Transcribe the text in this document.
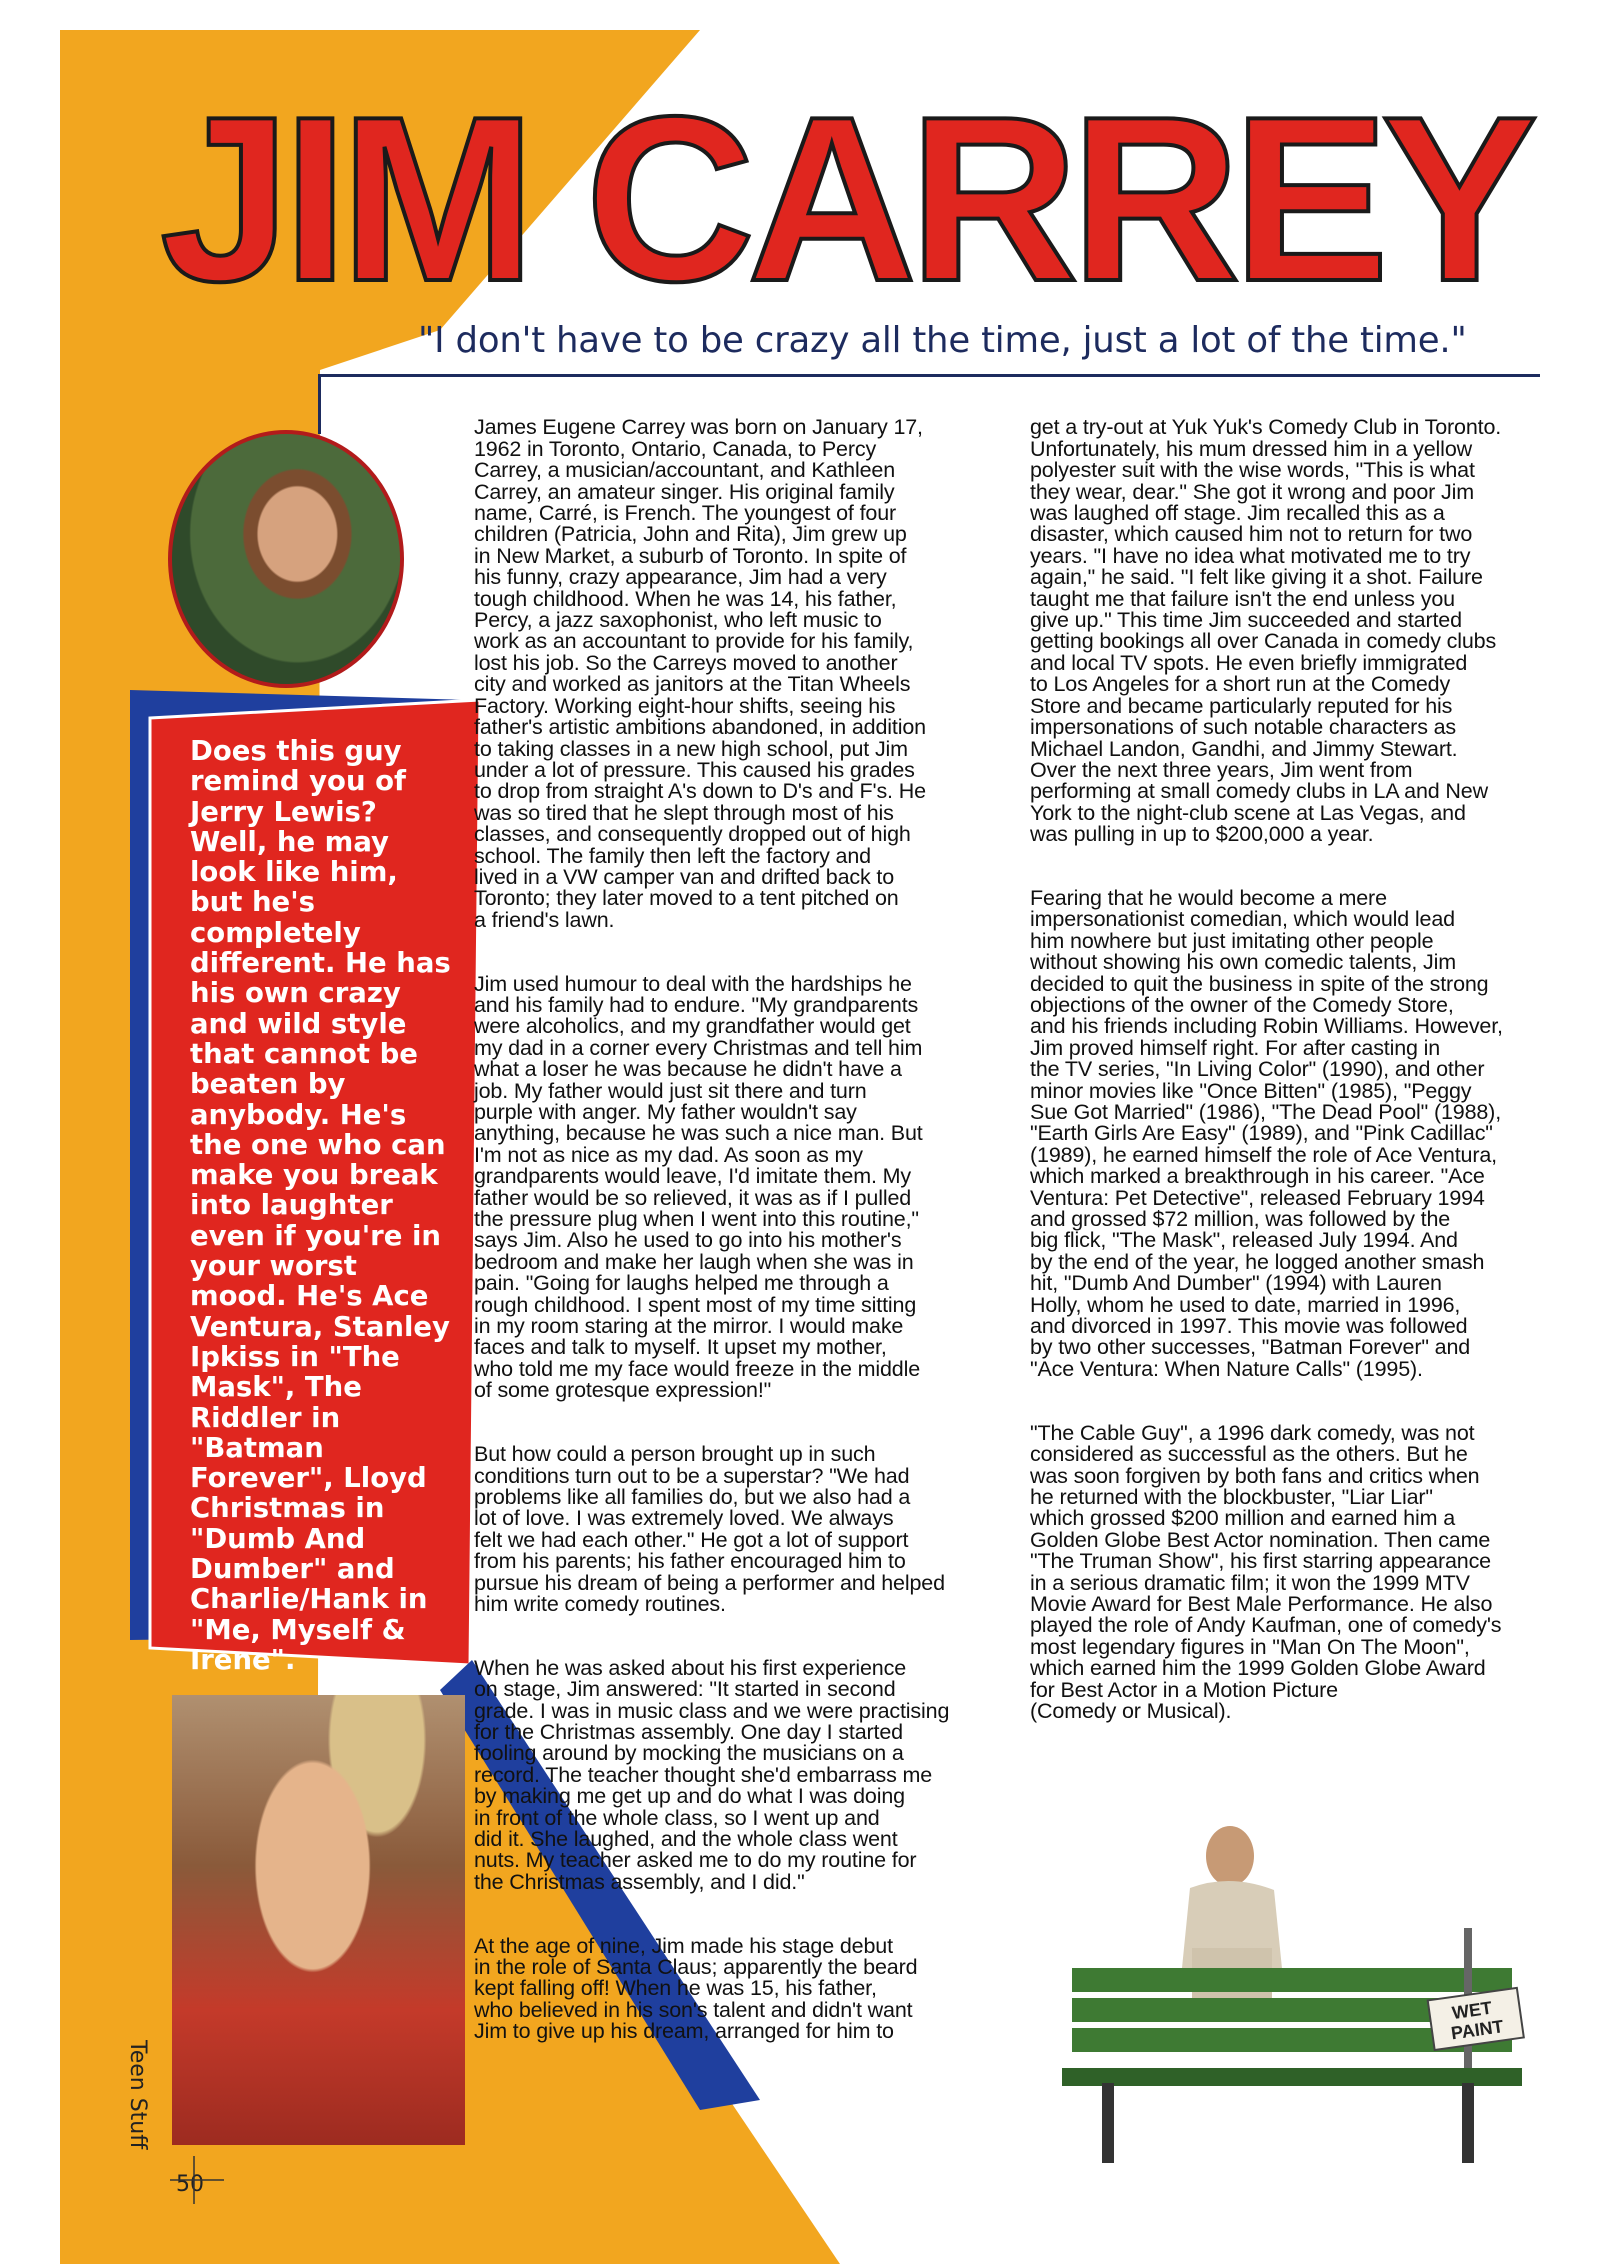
JIM CARREY
"I don't have to be crazy all the time, just a lot of the time."
Does this guy
remind you of
Jerry Lewis?
Well, he may
look like him,
but he's
completely
different. He has
his own crazy
and wild style
that cannot be
beaten by
anybody. He's
the one who can
make you break
into laughter
even if you're in
your worst
mood. He's Ace
Ventura, Stanley
Ipkiss in "The
Mask", The
Riddler in
"Batman
Forever", Lloyd
Christmas in
"Dumb And
Dumber" and
Charlie/Hank in
"Me, Myself &
Irene".

James Eugene Carrey was born on January 17,
1962 in Toronto, Ontario, Canada, to Percy
Carrey, a musician/accountant, and Kathleen
Carrey, an amateur singer. His original family
name, Carré, is French. The youngest of four
children (Patricia, John and Rita), Jim grew up
in New Market, a suburb of Toronto. In spite of
his funny, crazy appearance, Jim had a very
tough childhood. When he was 14, his father,
Percy, a jazz saxophonist, who left music to
work as an accountant to provide for his family,
lost his job. So the Carreys moved to another
city and worked as janitors at the Titan Wheels
Factory. Working eight-hour shifts, seeing his
father's artistic ambitions abandoned, in addition
to taking classes in a new high school, put Jim
under a lot of pressure. This caused his grades
to drop from straight A's down to D's and F's. He
was so tired that he slept through most of his
classes, and consequently dropped out of high
school. The family then left the factory and
lived in a VW camper van and drifted back to
Toronto; they later moved to a tent pitched on
a friend's lawn.

Jim used humour to deal with the hardships he
and his family had to endure. "My grandparents
were alcoholics, and my grandfather would get
my dad in a corner every Christmas and tell him
what a loser he was because he didn't have a
job. My father would just sit there and turn
purple with anger. My father wouldn't say
anything, because he was such a nice man. But
I'm not as nice as my dad. As soon as my
grandparents would leave, I'd imitate them. My
father would be so relieved, it was as if I pulled
the pressure plug when I went into this routine,"
says Jim. Also he used to go into his mother's
bedroom and make her laugh when she was in
pain. "Going for laughs helped me through a
rough childhood. I spent most of my time sitting
in my room staring at the mirror. I would make
faces and talk to myself. It upset my mother,
who told me my face would freeze in the middle
of some grotesque expression!"

But how could a person brought up in such
conditions turn out to be a superstar? "We had
problems like all families do, but we also had a
lot of love. I was extremely loved. We always
felt we had each other." He got a lot of support
from his parents; his father encouraged him to
pursue his dream of being a performer and helped
him write comedy routines.

When he was asked about his first experience
on stage, Jim answered: "It started in second
grade. I was in music class and we were practising
for the Christmas assembly. One day I started
fooling around by mocking the musicians on a
record. The teacher thought she'd embarrass me
by making me get up and do what I was doing
in front of the whole class, so I went up and
did it. She laughed, and the whole class went
nuts. My teacher asked me to do my routine for
the Christmas assembly, and I did."

At the age of nine, Jim made his stage debut
in the role of Santa Claus; apparently the beard
kept falling off! When he was 15, his father,
who believed in his son's talent and didn't want
Jim to give up his dream, arranged for him to

get a try-out at Yuk Yuk's Comedy Club in Toronto.
Unfortunately, his mum dressed him in a yellow
polyester suit with the wise words, "This is what
they wear, dear." She got it wrong and poor Jim
was laughed off stage. Jim recalled this as a
disaster, which caused him not to return for two
years. "I have no idea what motivated me to try
again," he said. "I felt like giving it a shot. Failure
taught me that failure isn't the end unless you
give up." This time Jim succeeded and started
getting bookings all over Canada in comedy clubs
and local TV spots. He even briefly immigrated
to Los Angeles for a short run at the Comedy
Store and became particularly reputed for his
impersonations of such notable characters as
Michael Landon, Gandhi, and Jimmy Stewart.
Over the next three years, Jim went from
performing at small comedy clubs in LA and New
York to the night-club scene at Las Vegas, and
was pulling in up to $200,000 a year.

Fearing that he would become a mere
impersonationist comedian, which would lead
him nowhere but just imitating other people
without showing his own comedic talents, Jim
decided to quit the business in spite of the strong
objections of the owner of the Comedy Store,
and his friends including Robin Williams. However,
Jim proved himself right. For after casting in
the TV series, "In Living Color" (1990), and other
minor movies like "Once Bitten" (1985), "Peggy
Sue Got Married" (1986), "The Dead Pool" (1988),
"Earth Girls Are Easy" (1989), and "Pink Cadillac"
(1989), he earned himself the role of Ace Ventura,
which marked a breakthrough in his career. "Ace
Ventura: Pet Detective", released February 1994
and grossed $72 million, was followed by the
big flick, "The Mask", released July 1994. And
by the end of the year, he logged another smash
hit, "Dumb And Dumber" (1994) with Lauren
Holly, whom he used to date, married in 1996,
and divorced in 1997. This movie was followed
by two other successes, "Batman Forever" and
"Ace Ventura: When Nature Calls" (1995).

"The Cable Guy", a 1996 dark comedy, was not
considered as successful as the others. But he
was soon forgiven by both fans and critics when
he returned with the blockbuster, "Liar Liar"
which grossed $200 million and earned him a
Golden Globe Best Actor nomination. Then came
"The Truman Show", his first starring appearance
in a serious dramatic film; it won the 1999 MTV
Movie Award for Best Male Performance. He also
played the role of Andy Kaufman, one of comedy's
most legendary figures in "Man On The Moon",
which earned him the 1999 Golden Globe Award
for Best Actor in a Motion Picture
(Comedy or Musical).

WET PAINT
Teen Stuff
50
